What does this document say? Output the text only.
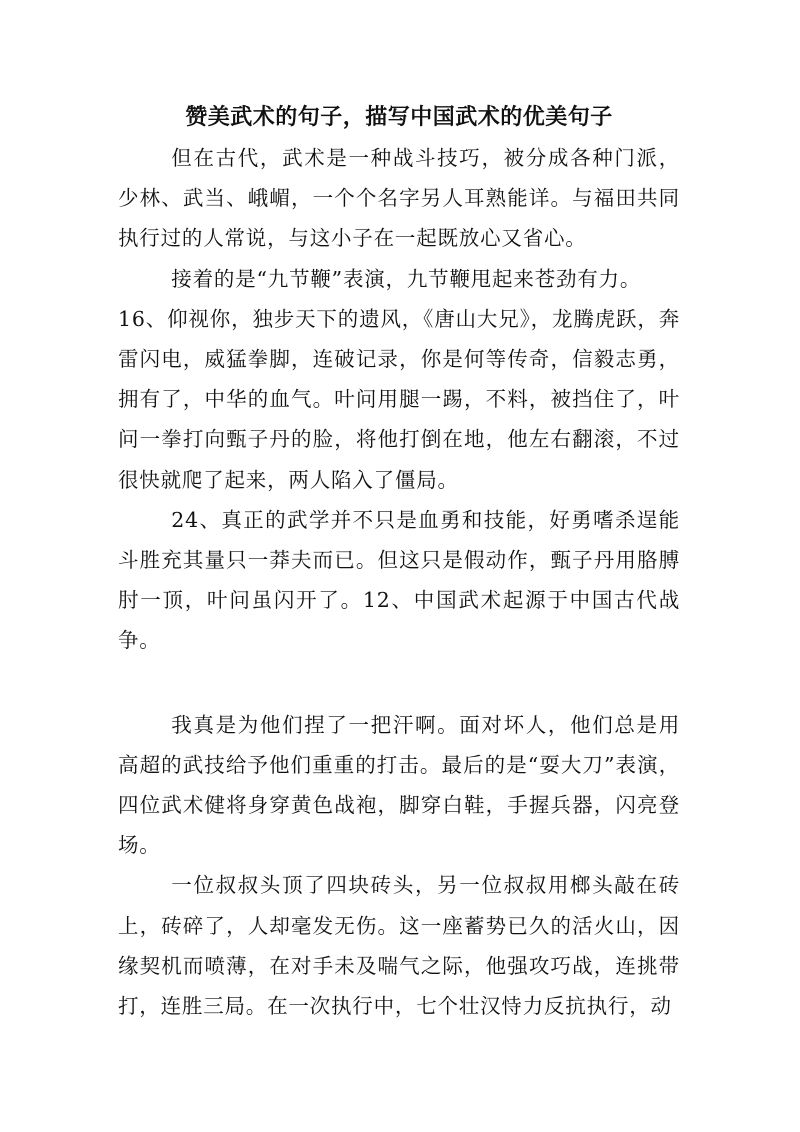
赞美武术的句子，描写中国武术的优美句子

但在古代，武术是一种战斗技巧，被分成各种门派，少林、武当、峨嵋，一个个名字另人耳熟能详。与福田共同执行过的人常说，与这小子在一起既放心又省心。

接着的是“九节鞭”表演，九节鞭甩起来苍劲有力。

16、仰视你，独步天下的遗风，《唐山大兄》，龙腾虎跃，奔雷闪电，威猛拳脚，连破记录，你是何等传奇，信毅志勇，拥有了，中华的血气。叶问用腿一踢，不料，被挡住了，叶问一拳打向甄子丹的脸，将他打倒在地，他左右翻滚，不过很快就爬了起来，两人陷入了僵局。

24、真正的武学并不只是血勇和技能，好勇嗜杀逞能斗胜充其量只一莽夫而已。但这只是假动作，甄子丹用胳膊肘一顶，叶问虽闪开了。12、中国武术起源于中国古代战争。

我真是为他们捏了一把汗啊。面对坏人，他们总是用高超的武技给予他们重重的打击。最后的是“耍大刀”表演，四位武术健将身穿黄色战袍，脚穿白鞋，手握兵器，闪亮登场。

一位叔叔头顶了四块砖头，另一位叔叔用榔头敲在砖上，砖碎了，人却毫发无伤。这一座蓄势已久的活火山，因缘契机而喷薄，在对手未及喘气之际，他强攻巧战，连挑带打，连胜三局。在一次执行中，七个壮汉恃力反抗执行，动
